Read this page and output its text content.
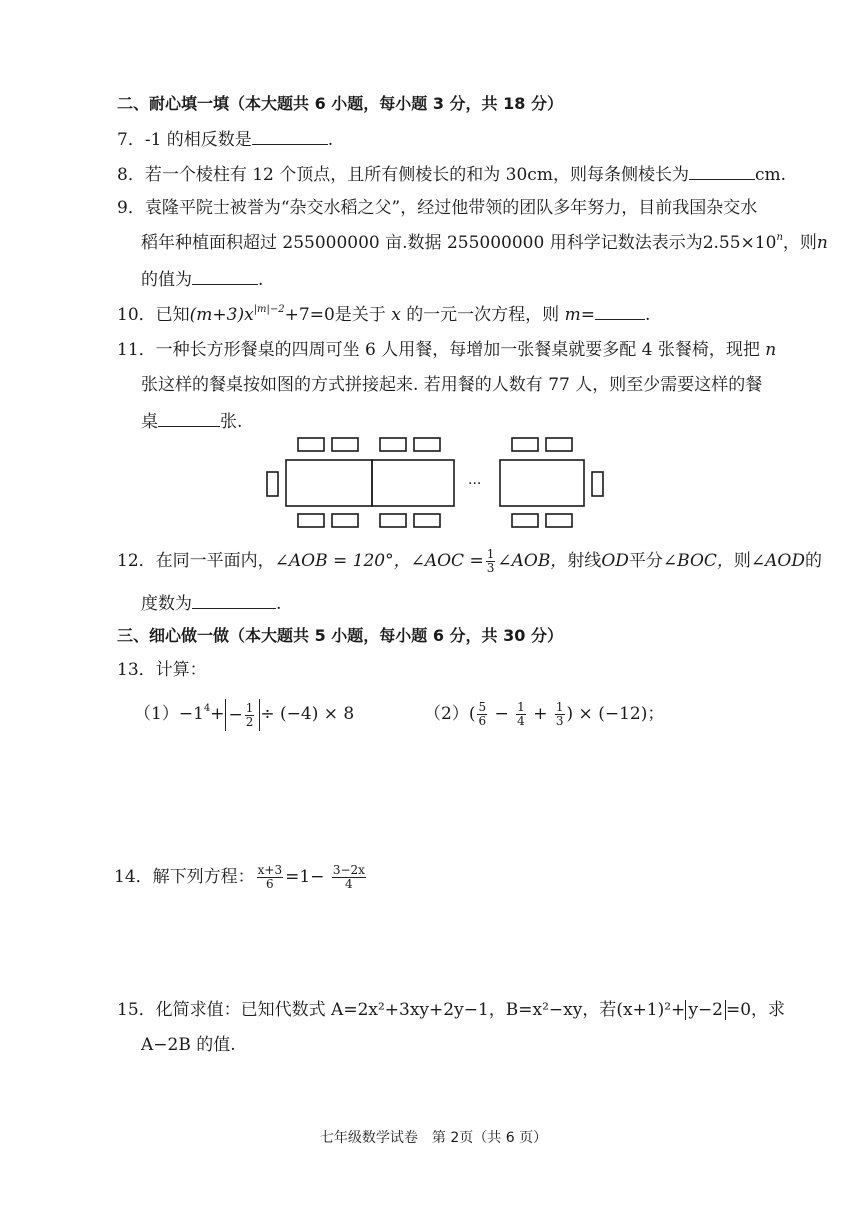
二、耐心填一填（本大题共 6 小题，每小题 3 分，共 18 分）
7．-1 的相反数是	.
8．若一个棱柱有 12 个顶点，且所有侧棱长的和为 30cm，则每条侧棱长为	cm.
9．袁隆平院士被誉为“杂交水稻之父”，经过他带领的团队多年努力，目前我国杂交水
稻年种植面积超过 255000000 亩.数据 255000000 用科学记数法表示为$2.55\times 10^n$，则n
的值为	.
10．已知$(m+3)x^{|m|-2}+7=0$是关于 x 的一元一次方程，则 m=	.
11．一种长方形餐桌的四周可坐 6 人用餐，每增加一张餐桌就要多配 4 张餐椅，现把 n
张这样的餐桌按如图的方式拼接起来. 若用餐的人数有 77 人，则至少需要这样的餐
桌	张.
···
12．在同一平面内，∠AOB = 120°，∠AOC = $\frac{1}{3}$ ∠AOB，射线OD平分∠BOC，则∠AOD的
度数为	.
三、细心做一做（本大题共 5 小题，每小题 6 分，共 30 分）
13．计算：
$(1)-1^4+ - \frac{1}{2} \div (-4) \times 8$	$(2)( \frac{5}{6} - \frac{1}{4} + \frac{1}{3}$ ) × (−12)；
14．解下列方程： $\frac{x+3}{6} =1- \frac{3-2x}{4}$
15．化简求值：已知代数式 A=2x²+3xy+2y−1，B=x²−xy，若(x+1)²+ y−2 =0，求
A−2B 的值.
七年级数学试卷　第 2页（共 6 页）
